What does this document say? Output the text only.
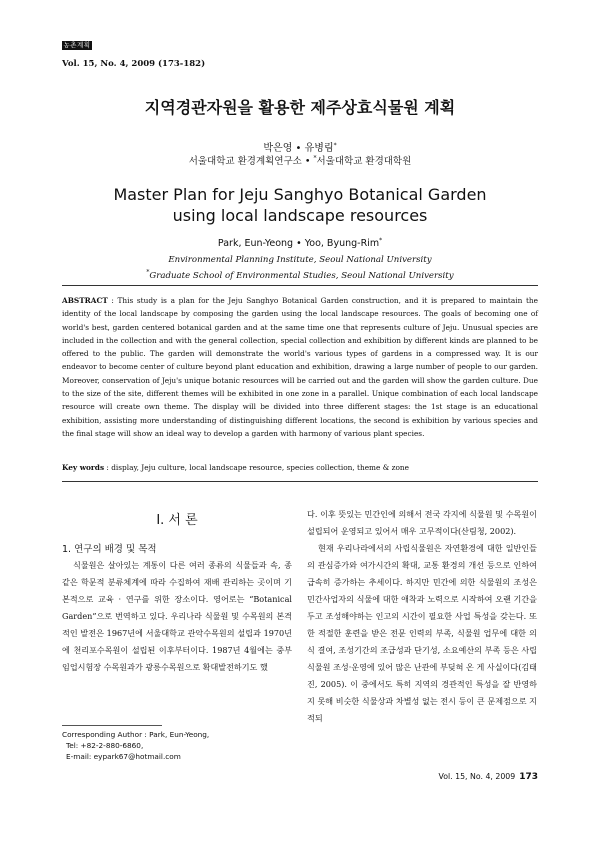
농촌계획
Vol. 15, No. 4, 2009 (173-182)
지역경관자원을 활용한 제주상효식물원 계획
박은영 • 유병림*
서울대학교 환경계획연구소 • *서울대학교 환경대학원
Master Plan for Jeju Sanghyo Botanical Garden
using local landscape resources
Park, Eun-Yeong • Yoo, Byung-Rim*
Environmental Planning Institute, Seoul National University
*Graduate School of Environmental Studies, Seoul National University
ABSTRACT : This study is a plan for the Jeju Sanghyo Botanical Garden construction, and it is prepared to maintain the identity of the local landscape by composing the garden using the local landscape resources. The goals of becoming one of world's best, garden centered botanical garden and at the same time one that represents culture of Jeju. Unusual species are included in the collection and with the general collection, special collection and exhibition by different kinds are planned to be offered to the public. The garden will demonstrate the world's various types of gardens in a compressed way. It is our endeavor to become center of culture beyond plant education and exhibition, drawing a large number of people to our garden. Moreover, conservation of Jeju's unique botanic resources will be carried out and the garden will show the garden culture. Due to the size of the site, different themes will be exhibited in one zone in a parallel. Unique combination of each local landscape resource will create own theme. The display will be divided into three different stages: the 1st stage is an educational exhibition, assisting more understanding of distinguishing different locations, the second is exhibition by various species and the final stage will show an ideal way to develop a garden with harmony of various plant species.
Key words : display, Jeju culture, local landscape resource, species collection, theme & zone
I. 서 론
1. 연구의 배경 및 목적

식물원은 살아있는 계통이 다른 여러 종류의 식물들과 속, 종 같은 학문적 분류체계에 따라 수집하여 재배 관리하는 곳이며 기본적으로 교육 · 연구를 위한 장소이다. 영어로는 “Botanical Garden”으로 번역하고 있다. 우리나라 식물원 및 수목원의 본격적인 발전은 1967년에 서울대학교 관악수목원의 설립과 1970년에 천리포수목원이 설립된 이후부터이다. 1987년 4월에는 중부임업시험장 수목원과가 광릉수목원으로 확대발전하기도 했

다. 이후 뜻있는 민간인에 의해서 전국 각지에 식물원 및 수목원이 설립되어 운영되고 있어서 매우 고무적이다(산림청, 2002).

현재 우리나라에서의 사립식물원은 자연환경에 대한 일반인들의 관심증가와 여가시간의 확대, 교통 환경의 개선 등으로 인하여 급속히 증가하는 추세이다. 하지만 민간에 의한 식물원의 조성은 민간사업자의 식물에 대한 애착과 노력으로 시작하여 오랜 기간을 두고 조성해야하는 인고의 시간이 필요한 사업 특성을 갖는다. 또한 적절한 훈련을 받은 전문 인력의 부족, 식물원 업무에 대한 의식 결여, 조성기간의 조급성과 단기성, 소요예산의 부족 등은 사립식물원 조성·운영에 있어 많은 난관에 부딪혀 온 게 사실이다(김태진, 2005). 이 중에서도 특히 지역의 경관적인 특성을 잘 반영하지 못해 비슷한 식물상과 차별성 없는 전시 등이 큰 문제점으로 지적되

Corresponding Author : Park, Eun-Yeong,
Tel: +82-2-880-6860,
E-mail: eypark67@hotmail.com
Vol. 15, No. 4, 2009 173
